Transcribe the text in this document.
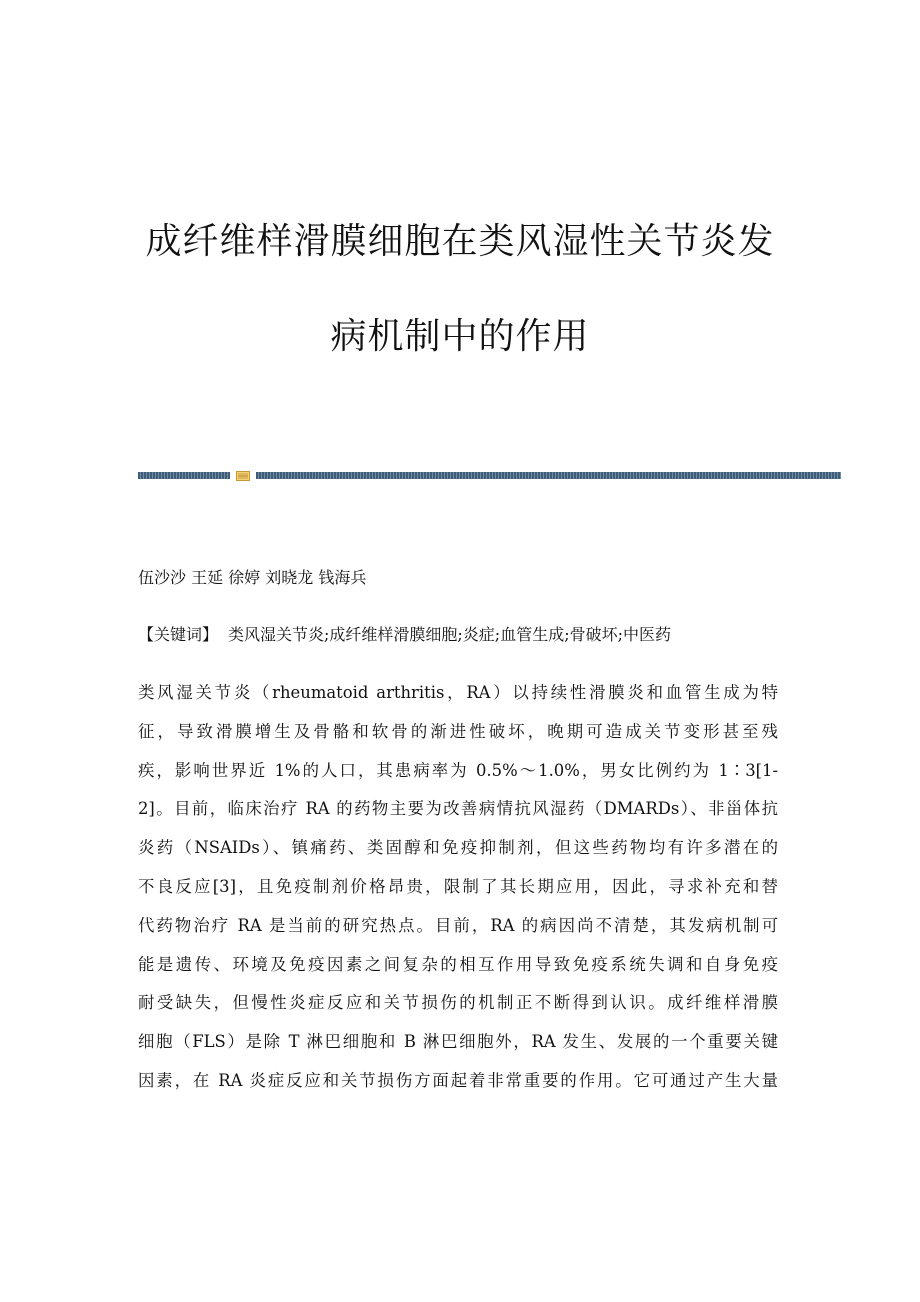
成纤维样滑膜细胞在类风湿性关节炎发
病机制中的作用
伍沙沙 王延 徐婷 刘晓龙 钱海兵
【关键词】 类风湿关节炎;成纤维样滑膜细胞;炎症;血管生成;骨破坏;中医药
类风湿关节炎（rheumatoid arthritis，RA）以持续性滑膜炎和血管生成为特
征，导致滑膜增生及骨骼和软骨的渐进性破坏，晚期可造成关节变形甚至残
疾，影响世界近 1%的人口，其患病率为 0.5%～1.0%，男女比例约为 1∶3[1-
2]。目前，临床治疗 RA 的药物主要为改善病情抗风湿药（DMARDs）、非甾体抗
炎药（NSAIDs）、镇痛药、类固醇和免疫抑制剂，但这些药物均有许多潜在的
不良反应[3]，且免疫制剂价格昂贵，限制了其长期应用，因此，寻求补充和替
代药物治疗 RA 是当前的研究热点。目前，RA 的病因尚不清楚，其发病机制可
能是遗传、环境及免疫因素之间复杂的相互作用导致免疫系统失调和自身免疫
耐受缺失，但慢性炎症反应和关节损伤的机制正不断得到认识。成纤维样滑膜
细胞（FLS）是除 T 淋巴细胞和 B 淋巴细胞外，RA 发生、发展的一个重要关键
因素，在 RA 炎症反应和关节损伤方面起着非常重要的作用。它可通过产生大量
